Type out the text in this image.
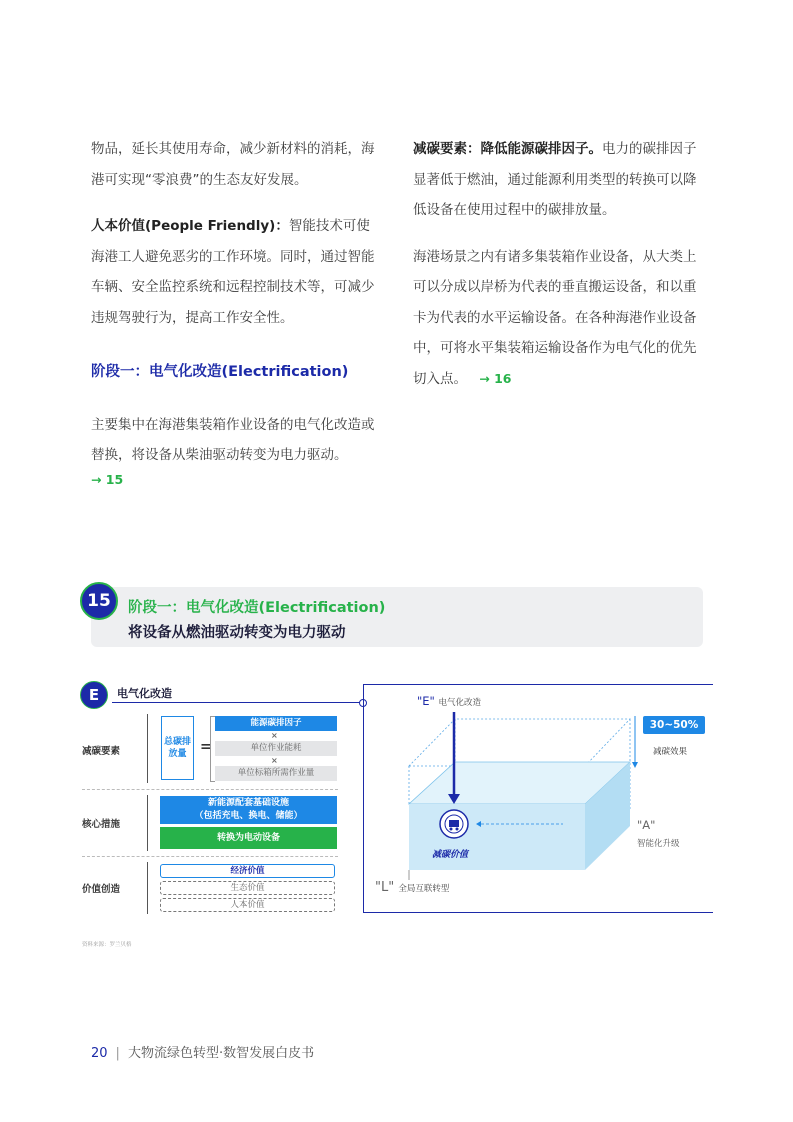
物品，延长其使用寿命，减少新材料的消耗，海港可实现“零浪费”的生态友好发展。

人本价值(People Friendly)：智能技术可使海港工人避免恶劣的工作环境。同时，通过智能车辆、安全监控系统和远程控制技术等，可减少违规驾驶行为，提高工作安全性。

阶段一：电气化改造(Electrification)

主要集中在海港集装箱作业设备的电气化改造或替换，将设备从柴油驱动转变为电力驱动。

→ 15

减碳要素：降低能源碳排因子。电力的碳排因子显著低于燃油，通过能源利用类型的转换可以降低设备在使用过程中的碳排放量。

海港场景之内有诸多集装箱作业设备，从大类上可以分成以岸桥为代表的垂直搬运设备，和以重卡为代表的水平运输设备。在各种海港作业设备中，可将水平集装箱运输设备作为电气化的优先切入点。 → 16

15	阶段一：电气化改造(Electrification)
将设备从燃油驱动转变为电力驱动
E	电气化改造
减碳要素
总碳排放量 =
能源碳排因子
×
单位作业能耗
×
单位标箱所需作业量
核心措施
新能源配套基础设施
（包括充电、换电、储能）
转换为电动设备
价值创造
经济价值
生态价值
人本价值
资料来源：罗兰贝格
"E" 电气化改造
30~50%
减碳效果
"A"
智能化升级
减碳价值
"L" 全局互联转型
20 | 大物流绿色转型·数智发展白皮书
